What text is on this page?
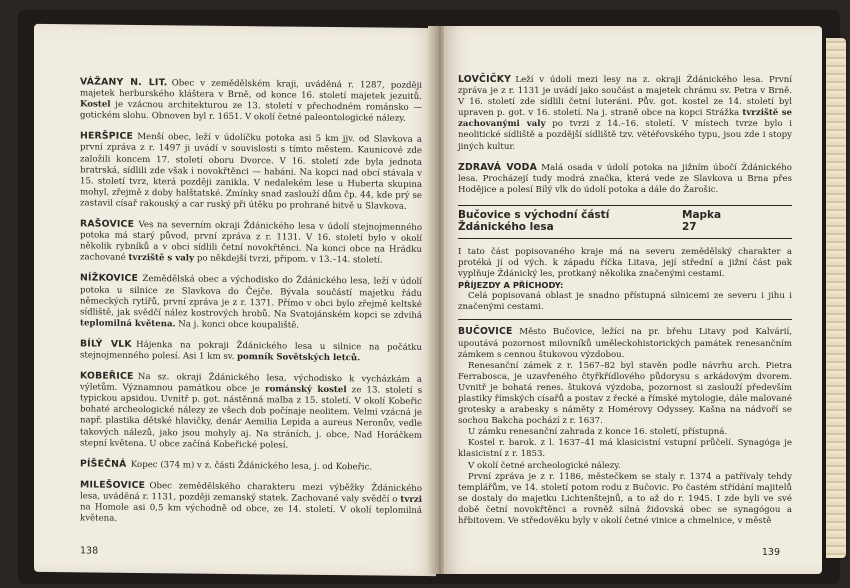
VÁŽANY N. LIT.  Obec v zemědělském kraji, uváděná r. 1287, později majetek herburského kláštera v Brně, od konce 16. století majetek jezuitů. Kostel je vzácnou architekturou ze 13. století v přechodném románsko — gotickém slohu. Obnoven byl r. 1651. V okolí četné paleontologické nálezy.
HERŠPICE  Menší obec, leží v údolíčku potoka asi 5 km jjv. od Slavkova a první zpráva z r. 1497 ji uvádí v souvislosti s tímto městem. Kaunicové zde založili koncem 17. století oboru Dvorce. V 16. století zde byla jednota bratrská, sídlili zde však i novokřtěnci — habáni. Na kopci nad obcí stávala v 15. století tvrz, která později zanikla. V nedalekém lese u Huberta skupina mohyl, zřejmě z doby halštatské. Zmínky snad zaslouží dům čp. 44, kde prý se zastavil císař rakouský a car ruský při útěku po prohrané bitvě u Slavkova.
RAŠOVICE  Ves na severním okraji Ždánického lesa v údolí stejnojmenného potoka má starý původ, první zpráva z r. 1131. V 16. století bylo v okolí několik rybníků a v obci sídlili četní novokřtěnci. Na konci obce na Hrádku zachované tvrziště s valy po někdejší tvrzi, připom. v 13.–14. století.
NÍŽKOVICE  Zemědělská obec a východisko do Ždánického lesa, leží v údolí potoka u silnice ze Slavkova do Čejče. Bývala součástí majetku řádu německých rytířů, první zpráva je z r. 1371. Přímo v obci bylo zřejmě keltské sídliště, jak svědčí nález kostrových hrobů. Na Svatojánském kopci se zdvihá teplomilná květena. Na j. konci obce koupaliště.
BÍLÝ VLK  Hájenka na pokraji Ždánického lesa u silnice na počátku stejnojmenného polesí. Asi 1 km sv. pomník Sovětských letců.
KOBEŘICE  Na sz. okraji Ždánického lesa, východisko k vycházkám a výletům. Významnou památkou obce je románský kostel ze 13. století s typickou apsidou. Uvnitř p. got. nástěnná malba z 15. století. V okolí Kobeřic bohaté archeologické nálezy ze všech dob počínaje neolitem. Velmi vzácná je např. plastika dětské hlavičky, denár Aemilia Lepida a aureus Neronův, vedle takových nálezů, jako jsou mohyly aj. Na stráních, j. obce, Nad Horáčkem stepní květena. U obce začíná Kobeřické polesí.
PÍŠEČNÁ  Kopec (374 m) v z. části Ždánického lesa, j. od Kobeřic.
MILEŠOVICE  Obec zemědělského charakteru mezi výběžky Ždánického lesa, uváděná r. 1131, později zemanský statek. Zachované valy svědčí o tvrzi na Homole asi 0,5 km východně od obce, ze 14. století. V okolí teplomilná květena.
138
LOVČIČKY  Leží v údolí mezi lesy na z. okraji Ždánického lesa. První zpráva je z r. 1131 je uvádí jako součást a majetek chrámu sv. Petra v Brně. V 16. století zde sídlili četní luteráni. Pův. got. kostel ze 14. století byl upraven p. got. v 16. století. Na j. straně obce na kopci Strážka tvrziště se zachovanými valy po tvrzi z 14.–16. století. V místech tvrze bylo i neolitické sídliště a pozdější sídliště tzv. větéřovského typu, jsou zde i stopy jiných kultur.
ZDRAVÁ VODA  Malá osada v údolí potoka na jižním úbočí Ždánického lesa. Procházejí tudy modrá značka, která vede ze Slavkova u Brna přes Hodějice a polesí Bílý vlk do údolí potoka a dále do Žarošic.
Bučovice s východní částí Ždánického lesa
Mapka
27

I tato část popisovaného kraje má na severu zemědělský charakter a protéká jí od vých. k západu říčka Litava, její střední a jižní část pak vyplňuje Ždánický les, protkaný několika značenými cestami.

PŘÍJEZDY A PŘÍCHODY:

Celá popisovaná oblast je snadno přístupná silnicemi ze severu i jihu i značenými cestami.

BUČOVICE Město Bučovice, ležící na pr. břehu Litavy pod Kalvárií, upoutává pozornost milovníků uměleckohistorických památek renesančním zámkem s cennou štukovou výzdobou.

Renesanční zámek z r. 1567–82 byl stavěn podle návrhu arch. Pietra Ferrabosca, je uzavřeného čtyřkřídlového půdorysu s arkádovým dvorem. Uvnitř je bohatá renes. štuková výzdoba, pozornost si zaslouží především plastiky římských císařů a postav z řecké a římské mytologie, dále malované grotesky a arabesky s náměty z Homérovy Odyssey. Kašna na nádvoří se sochou Bakcha pochází z r. 1637.

U zámku renesanční zahrada z konce 16. století, přístupná.

Kostel r. barok. z l. 1637–41 má klasicistní vstupní průčelí. Synagóga je klasicistní z r. 1853.

V okolí četné archeologické nálezy.

První zpráva je z r. 1186, městečkem se staly r. 1374 a patřívaly tehdy templářům, ve 14. století potom rodu z Bučovic. Po častém střídání majitelů se dostaly do majetku Lichtenštejnů, a to až do r. 1945. I zde byli ve své době četní novokřtěnci a rovněž silná židovská obec se synagógou a hřbitovem. Ve středověku byly v okolí četné vinice a chmelnice, v městě

139
